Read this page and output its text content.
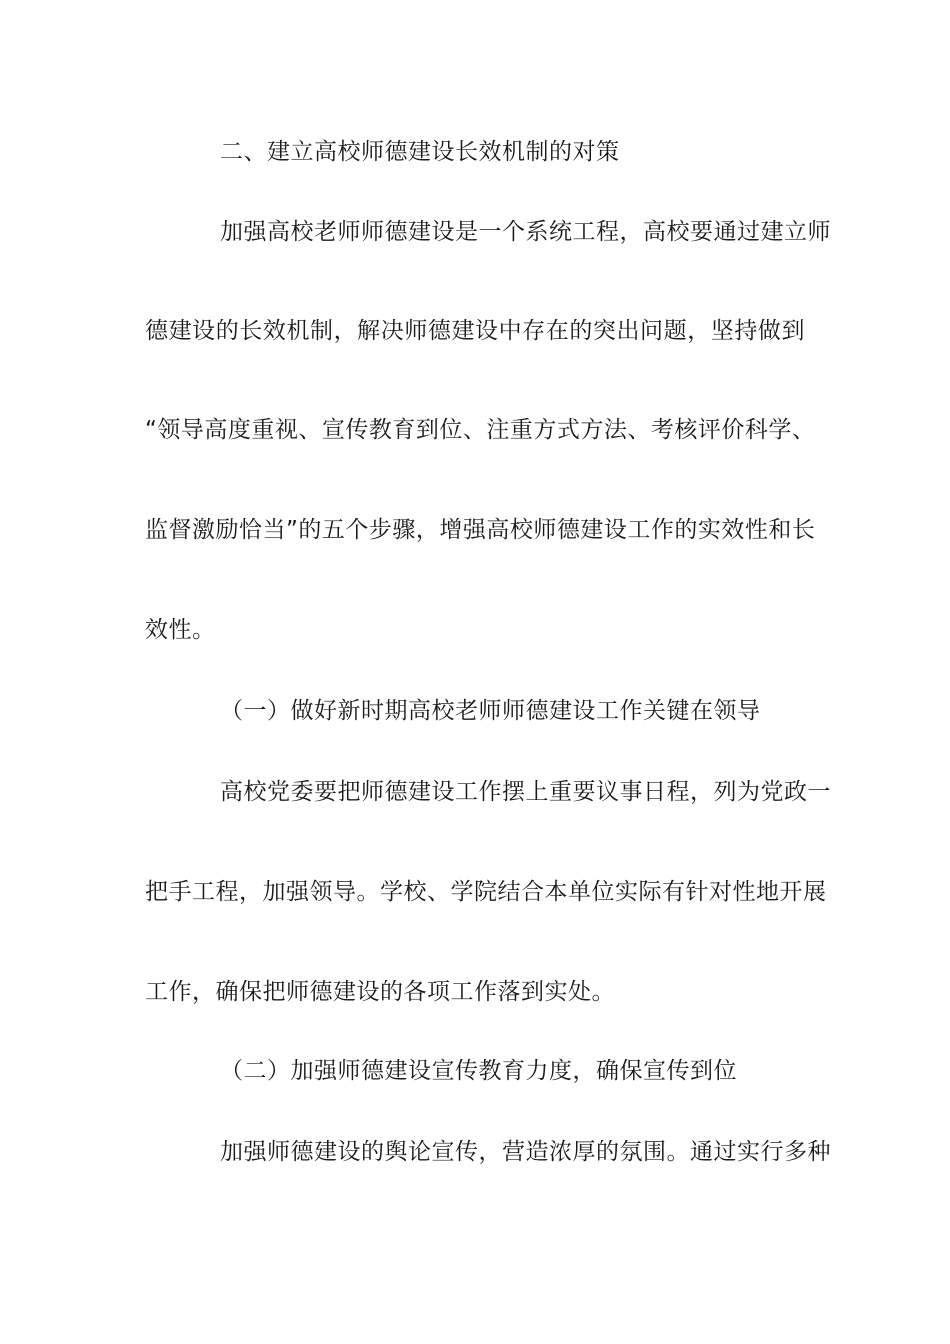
二、建立高校师德建设长效机制的对策
加强高校老师师德建设是一个系统工程，高校要通过建立师
德建设的长效机制，解决师德建设中存在的突出问题，坚持做到
“领导高度重视、宣传教育到位、注重方式方法、考核评价科学、
监督激励恰当”的五个步骤，增强高校师德建设工作的实效性和长
效性。
（一）做好新时期高校老师师德建设工作关键在领导
高校党委要把师德建设工作摆上重要议事日程，列为党政一
把手工程，加强领导。学校、学院结合本单位实际有针对性地开展
工作，确保把师德建设的各项工作落到实处。
（二）加强师德建设宣传教育力度，确保宣传到位
加强师德建设的舆论宣传，营造浓厚的氛围。通过实行多种
